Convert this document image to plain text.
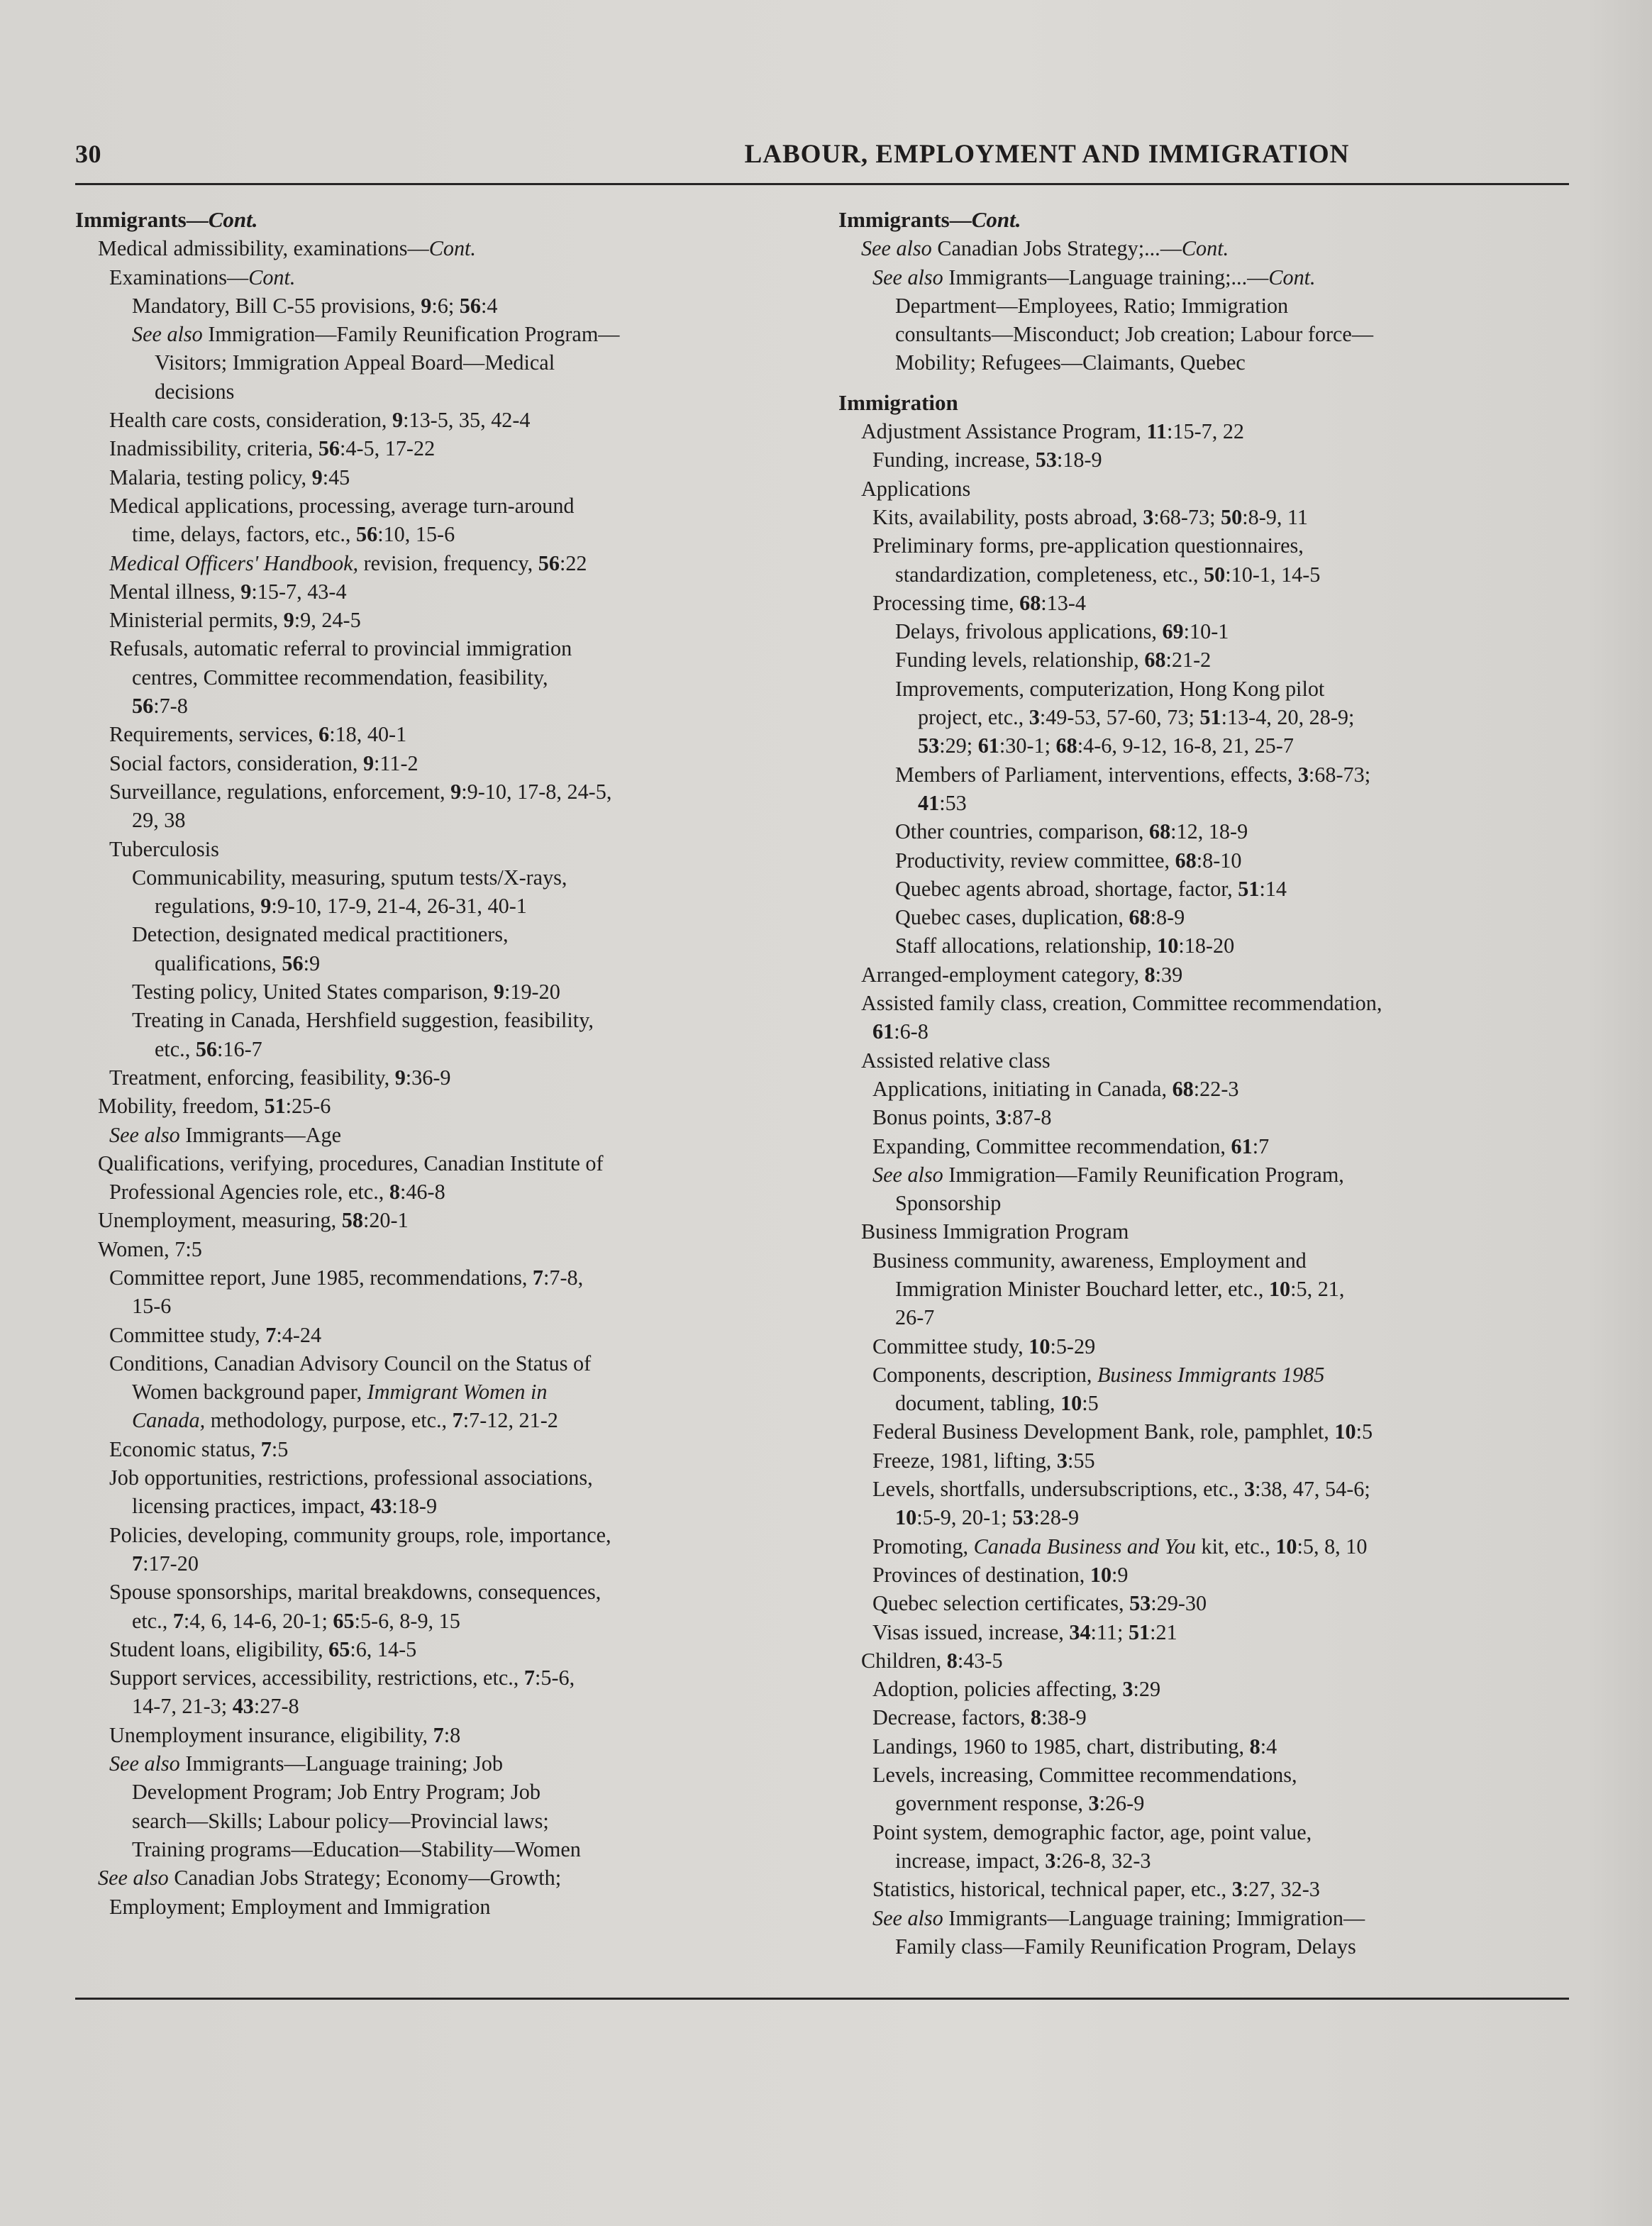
30	LABOUR, EMPLOYMENT AND IMMIGRATION
Immigrants—Cont.
Medical admissibility, examinations—Cont.
Examinations—Cont.
Mandatory, Bill C-55 provisions, 9:6; 56:4
See also Immigration—Family Reunification Program—
Visitors; Immigration Appeal Board—Medical
decisions
Health care costs, consideration, 9:13-5, 35, 42-4
Inadmissibility, criteria, 56:4-5, 17-22
Malaria, testing policy, 9:45
Medical applications, processing, average turn-around
time, delays, factors, etc., 56:10, 15-6
Medical Officers' Handbook, revision, frequency, 56:22
Mental illness, 9:15-7, 43-4
Ministerial permits, 9:9, 24-5
Refusals, automatic referral to provincial immigration
centres, Committee recommendation, feasibility,
56:7-8
Requirements, services, 6:18, 40-1
Social factors, consideration, 9:11-2
Surveillance, regulations, enforcement, 9:9-10, 17-8, 24-5,
29, 38
Tuberculosis
Communicability, measuring, sputum tests/X-rays,
regulations, 9:9-10, 17-9, 21-4, 26-31, 40-1
Detection, designated medical practitioners,
qualifications, 56:9
Testing policy, United States comparison, 9:19-20
Treating in Canada, Hershfield suggestion, feasibility,
etc., 56:16-7
Treatment, enforcing, feasibility, 9:36-9
Mobility, freedom, 51:25-6
See also Immigrants—Age
Qualifications, verifying, procedures, Canadian Institute of
Professional Agencies role, etc., 8:46-8
Unemployment, measuring, 58:20-1
Women, 7:5
Committee report, June 1985, recommendations, 7:7-8,
15-6
Committee study, 7:4-24
Conditions, Canadian Advisory Council on the Status of
Women background paper, Immigrant Women in
Canada, methodology, purpose, etc., 7:7-12, 21-2
Economic status, 7:5
Job opportunities, restrictions, professional associations,
licensing practices, impact, 43:18-9
Policies, developing, community groups, role, importance,
7:17-20
Spouse sponsorships, marital breakdowns, consequences,
etc., 7:4, 6, 14-6, 20-1; 65:5-6, 8-9, 15
Student loans, eligibility, 65:6, 14-5
Support services, accessibility, restrictions, etc., 7:5-6,
14-7, 21-3; 43:27-8
Unemployment insurance, eligibility, 7:8
See also Immigrants—Language training; Job
Development Program; Job Entry Program; Job
search—Skills; Labour policy—Provincial laws;
Training programs—Education—Stability—Women
See also Canadian Jobs Strategy; Economy—Growth;
Employment; Employment and Immigration
Immigrants—Cont.
See also Canadian Jobs Strategy;...—Cont.
See also Immigrants—Language training;...—Cont.
Department—Employees, Ratio; Immigration
consultants—Misconduct; Job creation; Labour force—
Mobility; Refugees—Claimants, Quebec
Immigration
Adjustment Assistance Program, 11:15-7, 22
Funding, increase, 53:18-9
Applications
Kits, availability, posts abroad, 3:68-73; 50:8-9, 11
Preliminary forms, pre-application questionnaires,
standardization, completeness, etc., 50:10-1, 14-5
Processing time, 68:13-4
Delays, frivolous applications, 69:10-1
Funding levels, relationship, 68:21-2
Improvements, computerization, Hong Kong pilot
project, etc., 3:49-53, 57-60, 73; 51:13-4, 20, 28-9;
53:29; 61:30-1; 68:4-6, 9-12, 16-8, 21, 25-7
Members of Parliament, interventions, effects, 3:68-73;
41:53
Other countries, comparison, 68:12, 18-9
Productivity, review committee, 68:8-10
Quebec agents abroad, shortage, factor, 51:14
Quebec cases, duplication, 68:8-9
Staff allocations, relationship, 10:18-20
Arranged-employment category, 8:39
Assisted family class, creation, Committee recommendation,
61:6-8
Assisted relative class
Applications, initiating in Canada, 68:22-3
Bonus points, 3:87-8
Expanding, Committee recommendation, 61:7
See also Immigration—Family Reunification Program,
Sponsorship
Business Immigration Program
Business community, awareness, Employment and
Immigration Minister Bouchard letter, etc., 10:5, 21,
26-7
Committee study, 10:5-29
Components, description, Business Immigrants 1985
document, tabling, 10:5
Federal Business Development Bank, role, pamphlet, 10:5
Freeze, 1981, lifting, 3:55
Levels, shortfalls, undersubscriptions, etc., 3:38, 47, 54-6;
10:5-9, 20-1; 53:28-9
Promoting, Canada Business and You kit, etc., 10:5, 8, 10
Provinces of destination, 10:9
Quebec selection certificates, 53:29-30
Visas issued, increase, 34:11; 51:21
Children, 8:43-5
Adoption, policies affecting, 3:29
Decrease, factors, 8:38-9
Landings, 1960 to 1985, chart, distributing, 8:4
Levels, increasing, Committee recommendations,
government response, 3:26-9
Point system, demographic factor, age, point value,
increase, impact, 3:26-8, 32-3
Statistics, historical, technical paper, etc., 3:27, 32-3
See also Immigrants—Language training; Immigration—
Family class—Family Reunification Program, Delays
